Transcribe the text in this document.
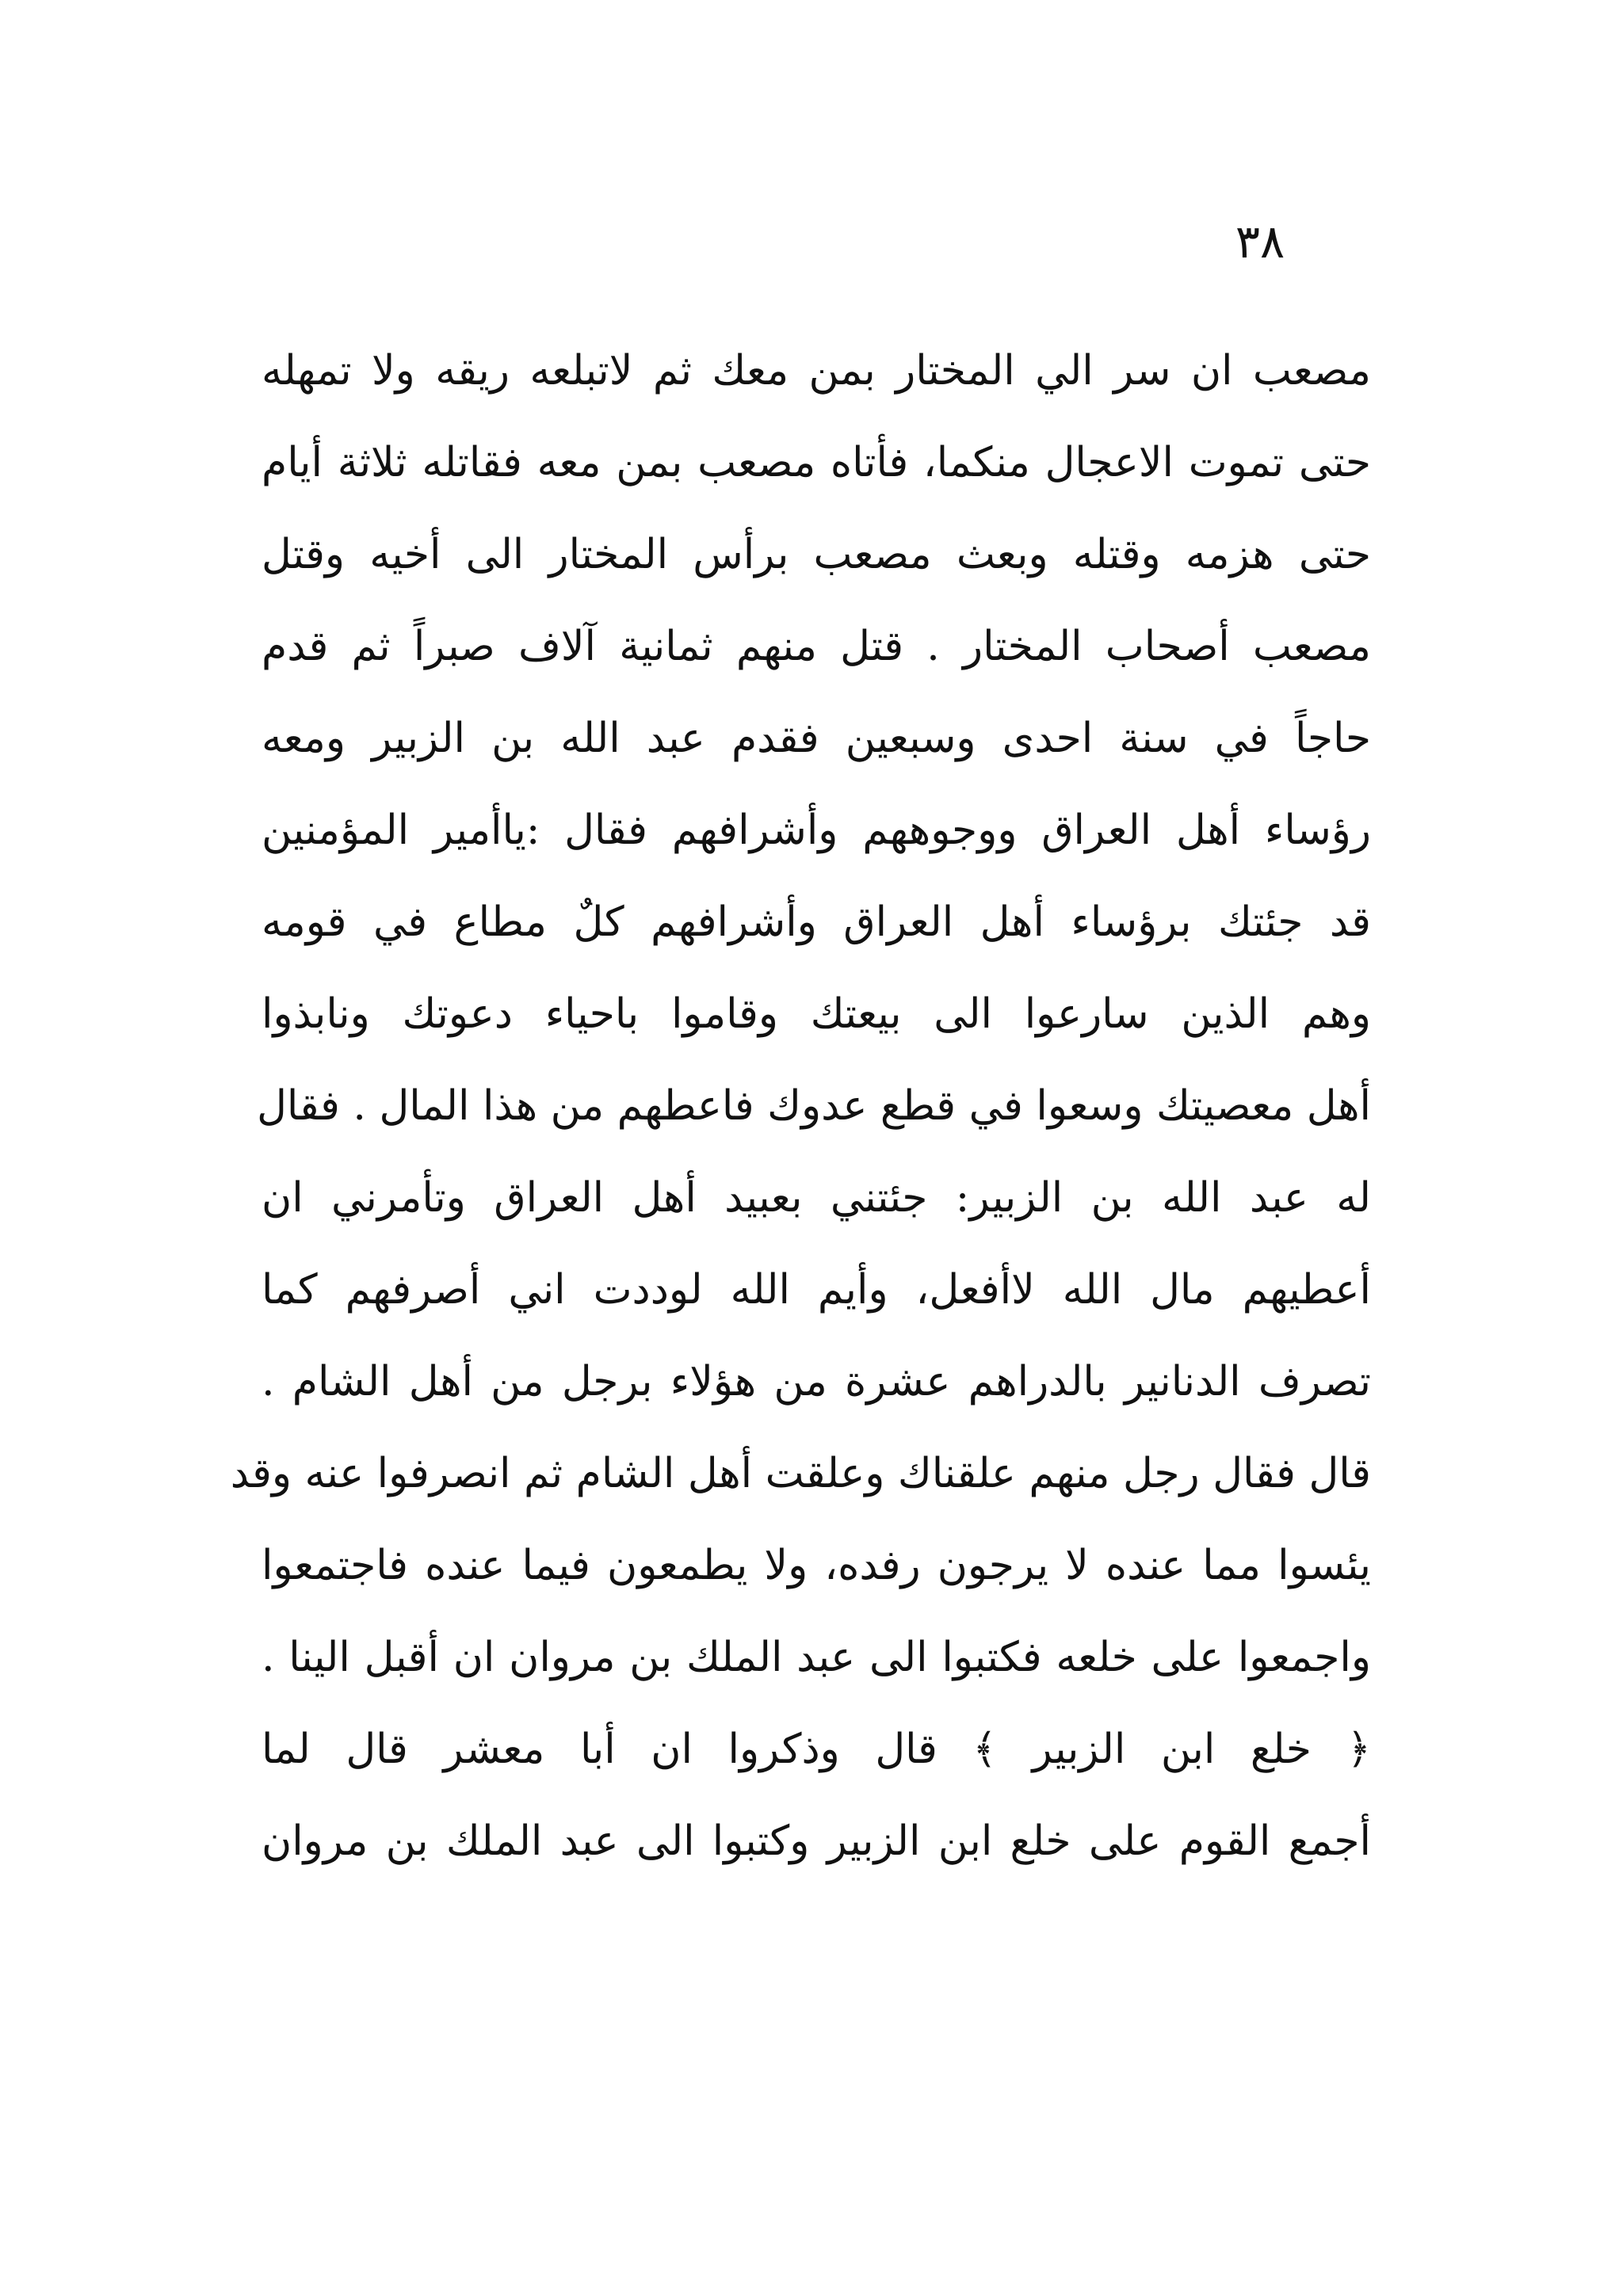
٣٨
مصعب ان سر الي المختار بمن معك ثم لاتبلعه ريقه ولا تمهله
حتى تموت الاعجال منكما، فأتاه مصعب بمن معه فقاتله ثلاثة أيام
حتى هزمه وقتله وبعث مصعب برأس المختار الى أخيه وقتل
مصعب أصحاب المختار . قتل منهم ثمانية آلاف صبراً ثم قدم
حاجاً في سنة احدى وسبعين فقدم عبد الله بن الزبير ومعه
رؤساء أهل العراق ووجوههم وأشرافهم فقال :ياأمير المؤمنين
قد جئتك برؤساء أهل العراق وأشرافهم كلٌ مطاع في قومه
وهم الذين سارعوا الى بيعتك وقاموا باحياء دعوتك ونابذوا
أهل معصيتك وسعوا في قطع عدوك فاعطهم من هذا المال . فقال
له عبد الله بن الزبير: جئتني بعبيد أهل العراق وتأمرني ان
أعطيهم مال الله لاأفعل، وأيم الله لوددت اني أصرفهم كما
تصرف الدنانير بالدراهم عشرة من هؤلاء برجل من أهل الشام .
قال فقال رجل منهم علقناك وعلقت أهل الشام ثم انصرفوا عنه وقد
يئسوا مما عنده لا يرجون رفده، ولا يطمعون فيما عنده فاجتمعوا
واجمعوا على خلعه فكتبوا الى عبد الملك بن مروان ان أقبل الينا .
﴿ خلع ابن الزبير ﴾ قال وذكروا ان أبا معشر قال لما
أجمع القوم على خلع ابن الزبير وكتبوا الى عبد الملك بن مروان
